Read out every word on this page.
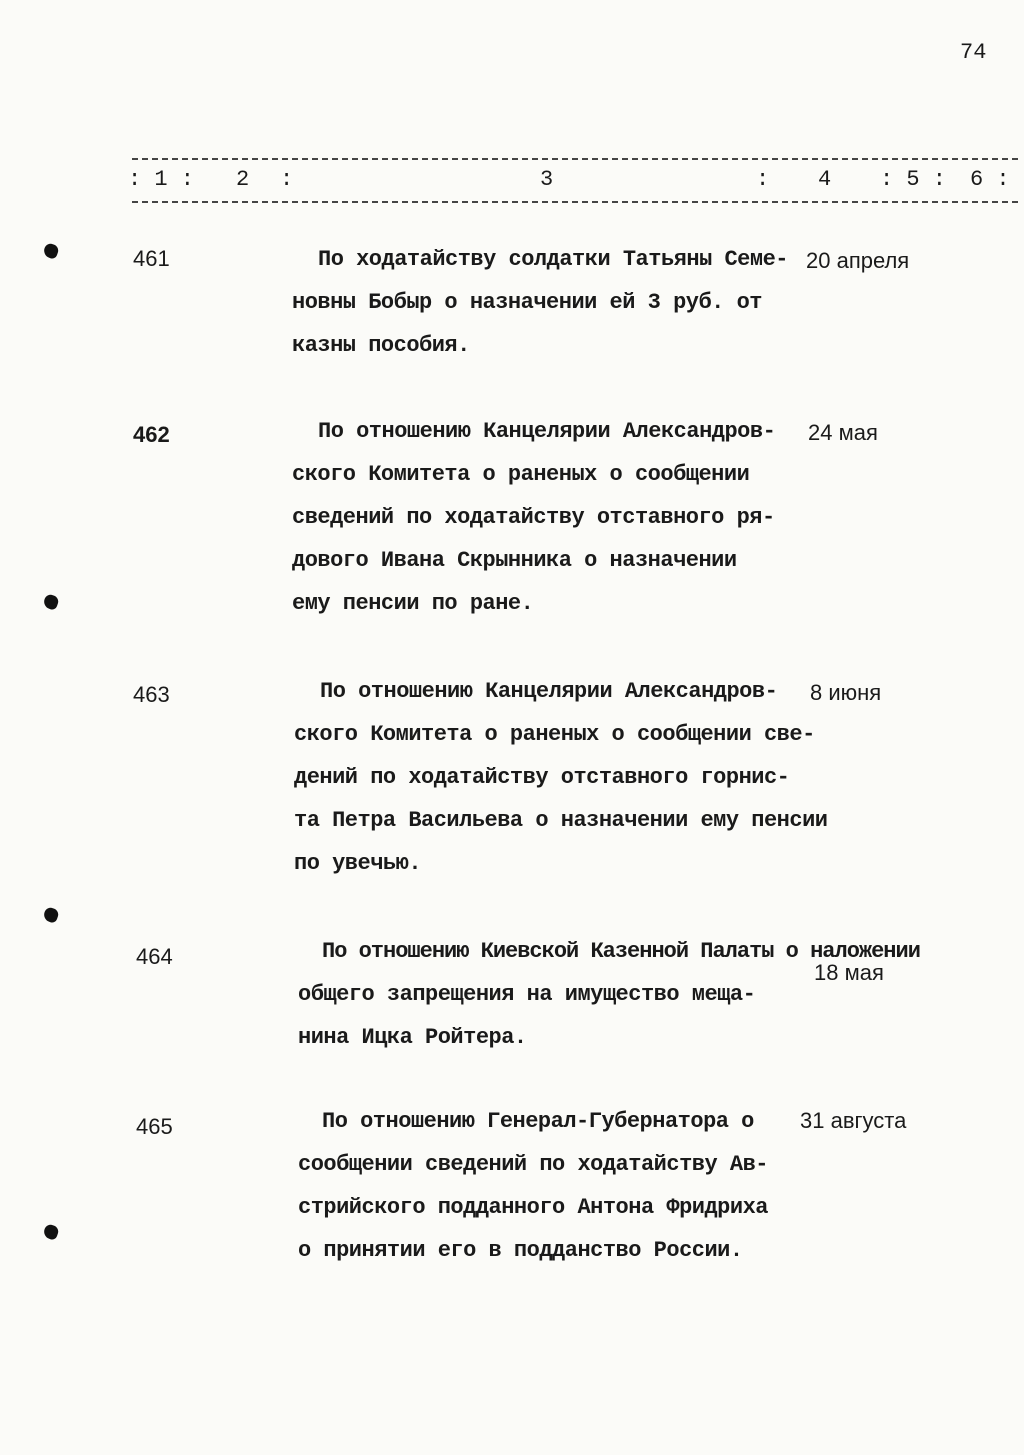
74
: 1 : 2 :	3	: 4 : 5 : 6 :
461	По ходатайству солдатки Татьяны Семе-
новны Бобыр о назначении ей 3 руб. от
казны пособия.
20 апреля
462	По отношению Канцелярии Александров-
ского Комитета о раненых о сообщении
сведений по ходатайству отставного ря-
дового Ивана Скрынника о назначении
ему пенсии по ране.
24 мая
463	По отношению Канцелярии Александров-
ского Комитета о раненых о сообщении све-
дений по ходатайству отставного горнис-
та Петра Васильева о назначении ему пенсии
по увечью.
8 июня
464	По отношению Киевской Казенной Палаты о наложении
общего запрещения на имущество меща-
нина Ицка Ройтера.
18 мая
465	По отношению Генерал-Губернатора о
сообщении сведений по ходатайству Ав-
стрийского подданного Антона Фридриха
о принятии его в подданство России.
31 августа
